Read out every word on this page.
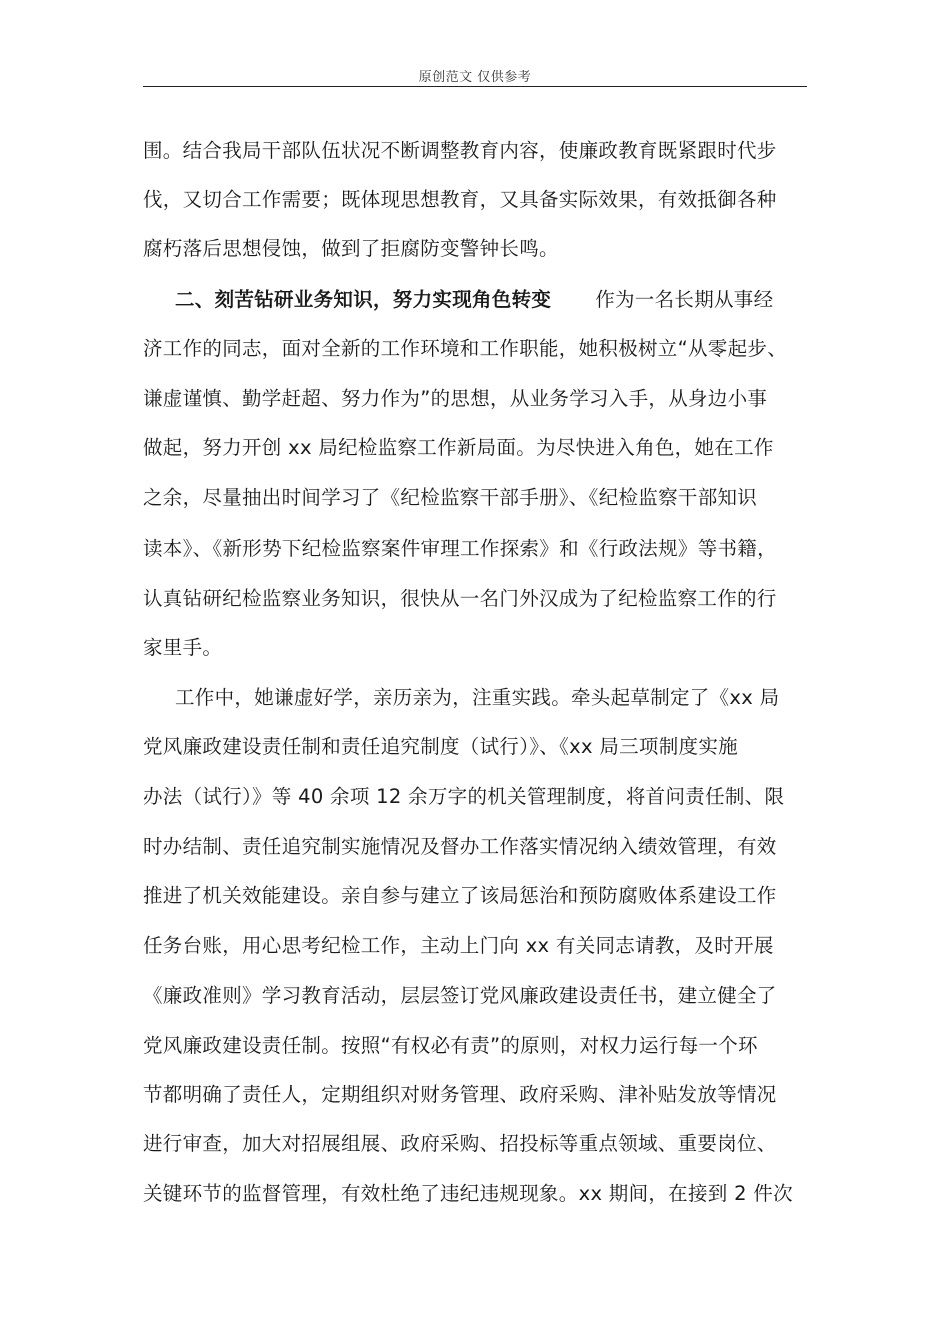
原创范文 仅供参考
围。结合我局干部队伍状况不断调整教育内容，使廉政教育既紧跟时代步
伐，又切合工作需要；既体现思想教育，又具备实际效果，有效抵御各种
腐朽落后思想侵蚀，做到了拒腐防变警钟长鸣。
二、刻苦钻研业务知识，努力实现角色转变 作为一名长期从事经
济工作的同志，面对全新的工作环境和工作职能，她积极树立“从零起步、
谦虚谨慎、勤学赶超、努力作为”的思想，从业务学习入手，从身边小事
做起，努力开创 xx 局纪检监察工作新局面。为尽快进入角色，她在工作
之余，尽量抽出时间学习了《纪检监察干部手册》、《纪检监察干部知识
读本》、《新形势下纪检监察案件审理工作探索》和《行政法规》等书籍，
认真钻研纪检监察业务知识，很快从一名门外汉成为了纪检监察工作的行
家里手。
工作中，她谦虚好学，亲历亲为，注重实践。牵头起草制定了《xx 局
党风廉政建设责任制和责任追究制度（试行）》、《xx 局三项制度实施
办法（试行）》等 40 余项 12 余万字的机关管理制度，将首问责任制、限
时办结制、责任追究制实施情况及督办工作落实情况纳入绩效管理，有效
推进了机关效能建设。亲自参与建立了该局惩治和预防腐败体系建设工作
任务台账，用心思考纪检工作，主动上门向 xx 有关同志请教，及时开展
《廉政准则》学习教育活动，层层签订党风廉政建设责任书，建立健全了
党风廉政建设责任制。按照“有权必有责”的原则，对权力运行每一个环
节都明确了责任人，定期组织对财务管理、政府采购、津补贴发放等情况
进行审查，加大对招展组展、政府采购、招投标等重点领域、重要岗位、
关键环节的监督管理，有效杜绝了违纪违规现象。xx 期间，在接到 2 件次
